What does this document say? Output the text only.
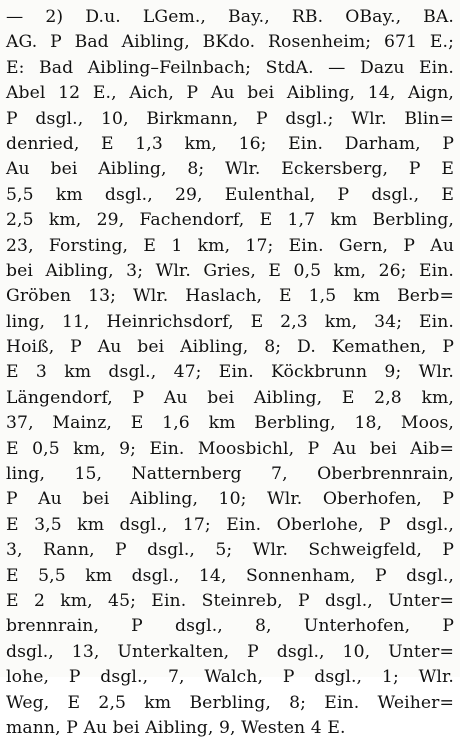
— 2) D.u. LGem., Bay., RB. OBay., BA.
AG. P Bad Aibling, BKdo. Rosenheim; 671 E.;
E: Bad Aibling–Feilnbach; StdA. — Dazu Ein.
Abel 12 E., Aich, P Au bei Aibling, 14, Aign,
P dsgl., 10, Birkmann, P dsgl.; Wlr. Blin=
denried, E 1,3 km, 16; Ein. Darham, P
Au bei Aibling, 8; Wlr. Eckersberg, P E
5,5 km dsgl., 29, Eulenthal, P dsgl., E
2,5 km, 29, Fachendorf, E 1,7 km Berbling,
23, Forsting, E 1 km, 17; Ein. Gern, P Au
bei Aibling, 3; Wlr. Gries, E 0,5 km, 26; Ein.
Gröben 13; Wlr. Haslach, E 1,5 km Berb=
ling, 11, Heinrichsdorf, E 2,3 km, 34; Ein.
Hoiß, P Au bei Aibling, 8; D. Kemathen, P
E 3 km dsgl., 47; Ein. Köckbrunn 9; Wlr.
Längendorf, P Au bei Aibling, E 2,8 km,
37, Mainz, E 1,6 km Berbling, 18, Moos,
E 0,5 km, 9; Ein. Moosbichl, P Au bei Aib=
ling, 15, Natternberg 7, Oberbrennrain,
P Au bei Aibling, 10; Wlr. Oberhofen, P
E 3,5 km dsgl., 17; Ein. Oberlohe, P dsgl.,
3, Rann, P dsgl., 5; Wlr. Schweigfeld, P
E 5,5 km dsgl., 14, Sonnenham, P dsgl.,
E 2 km, 45; Ein. Steinreb, P dsgl., Unter=
brennrain, P dsgl., 8, Unterhofen, P
dsgl., 13, Unterkalten, P dsgl., 10, Unter=
lohe, P dsgl., 7, Walch, P dsgl., 1; Wlr.
Weg, E 2,5 km Berbling, 8; Ein. Weiher=
mann, P Au bei Aibling, 9, Westen 4 E.
